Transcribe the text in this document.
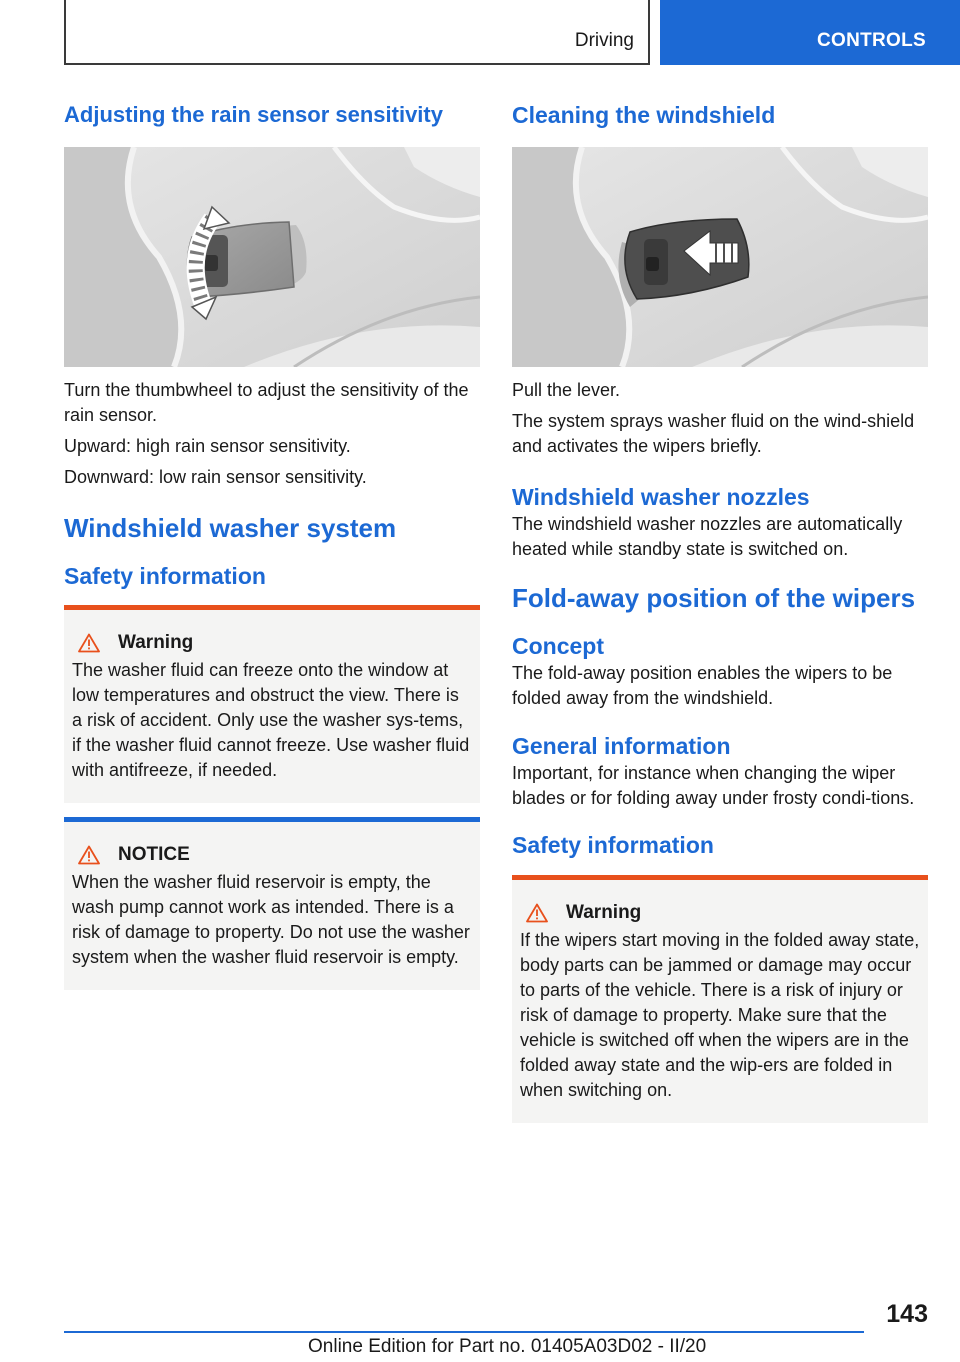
Driving	CONTROLS
Adjusting the rain sensor sensitivity

Turn the thumbwheel to adjust the sensitivity of the rain sensor.

Upward: high rain sensor sensitivity.

Downward: low rain sensor sensitivity.

Windshield washer system
Safety information
Warning

The washer fluid can freeze onto the window at low temperatures and obstruct the view. There is a risk of accident. Only use the washer sys-tems, if the washer fluid cannot freeze. Use washer fluid with antifreeze, if needed.

NOTICE

When the washer fluid reservoir is empty, the wash pump cannot work as intended. There is a risk of damage to property. Do not use the washer system when the washer fluid reservoir is empty.

Cleaning the windshield

Pull the lever.

The system sprays washer fluid on the wind-shield and activates the wipers briefly.

Windshield washer nozzles

The windshield washer nozzles are automatically heated while standby state is switched on.

Fold-away position of the wipers
Concept

The fold-away position enables the wipers to be folded away from the windshield.

General information

Important, for instance when changing the wiper blades or for folding away under frosty condi-tions.

Safety information
Warning

If the wipers start moving in the folded away state, body parts can be jammed or damage may occur to parts of the vehicle. There is a risk of injury or risk of damage to property. Make sure that the vehicle is switched off when the wipers are in the folded away state and the wip-ers are folded in when switching on.

143
Online Edition for Part no. 01405A03D02 - II/20
